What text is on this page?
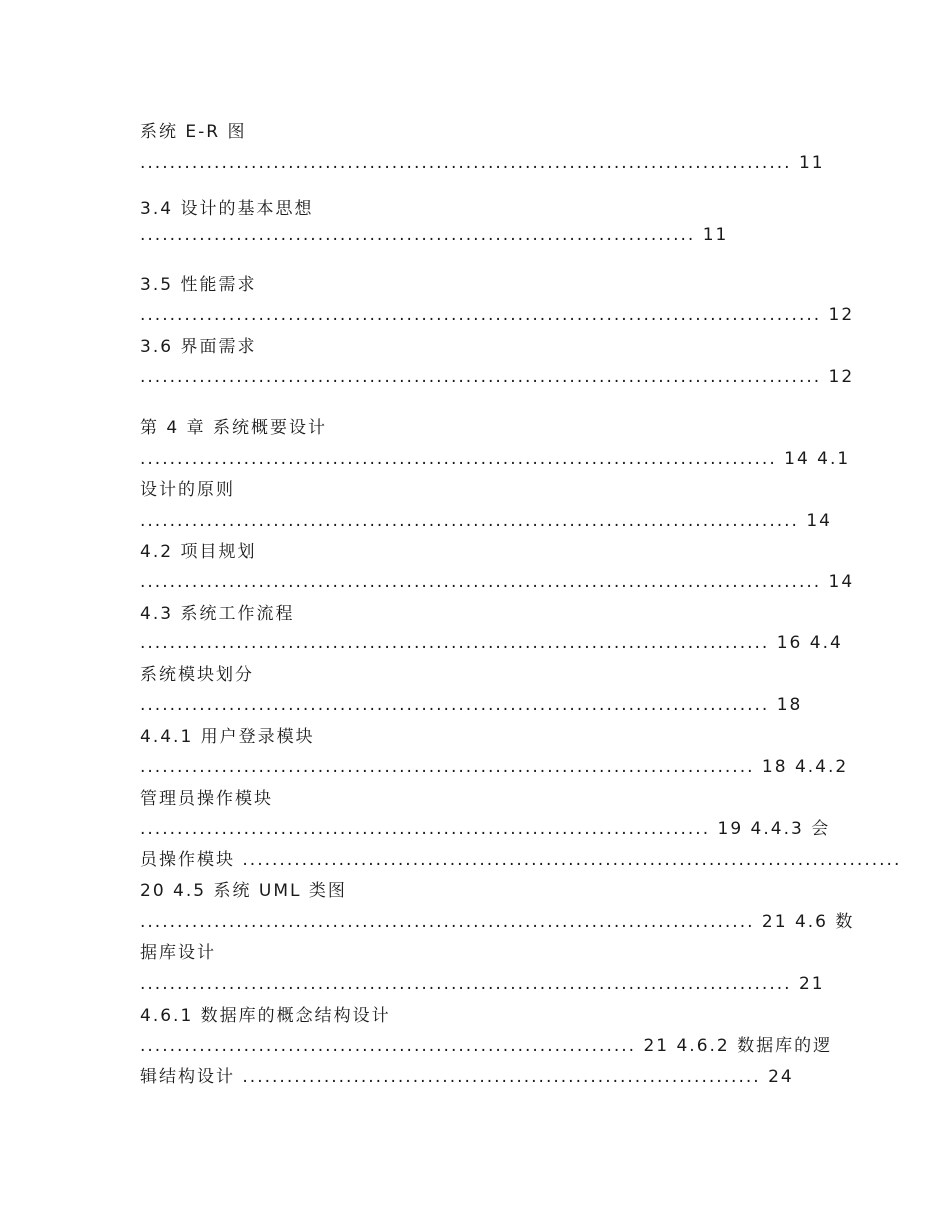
系统 E-R 图
........................................................................................ 11
3.4 设计的基本思想
........................................................................... 11
3.5 性能需求
............................................................................................ 12
3.6 界面需求
............................................................................................ 12
第 4 章 系统概要设计
...................................................................................... 14 4.1
设计的原则
......................................................................................... 14
4.2 项目规划
............................................................................................ 14
4.3 系统工作流程
..................................................................................... 16 4.4
系统模块划分
..................................................................................... 18
4.4.1 用户登录模块
................................................................................... 18 4.4.2
管理员操作模块
............................................................................. 19 4.4.3 会
员操作模块 .........................................................................................
20 4.5 系统 UML 类图
................................................................................... 21 4.6 数
据库设计
........................................................................................ 21
4.6.1 数据库的概念结构设计
................................................................... 21 4.6.2 数据库的逻
辑结构设计 ...................................................................... 24
